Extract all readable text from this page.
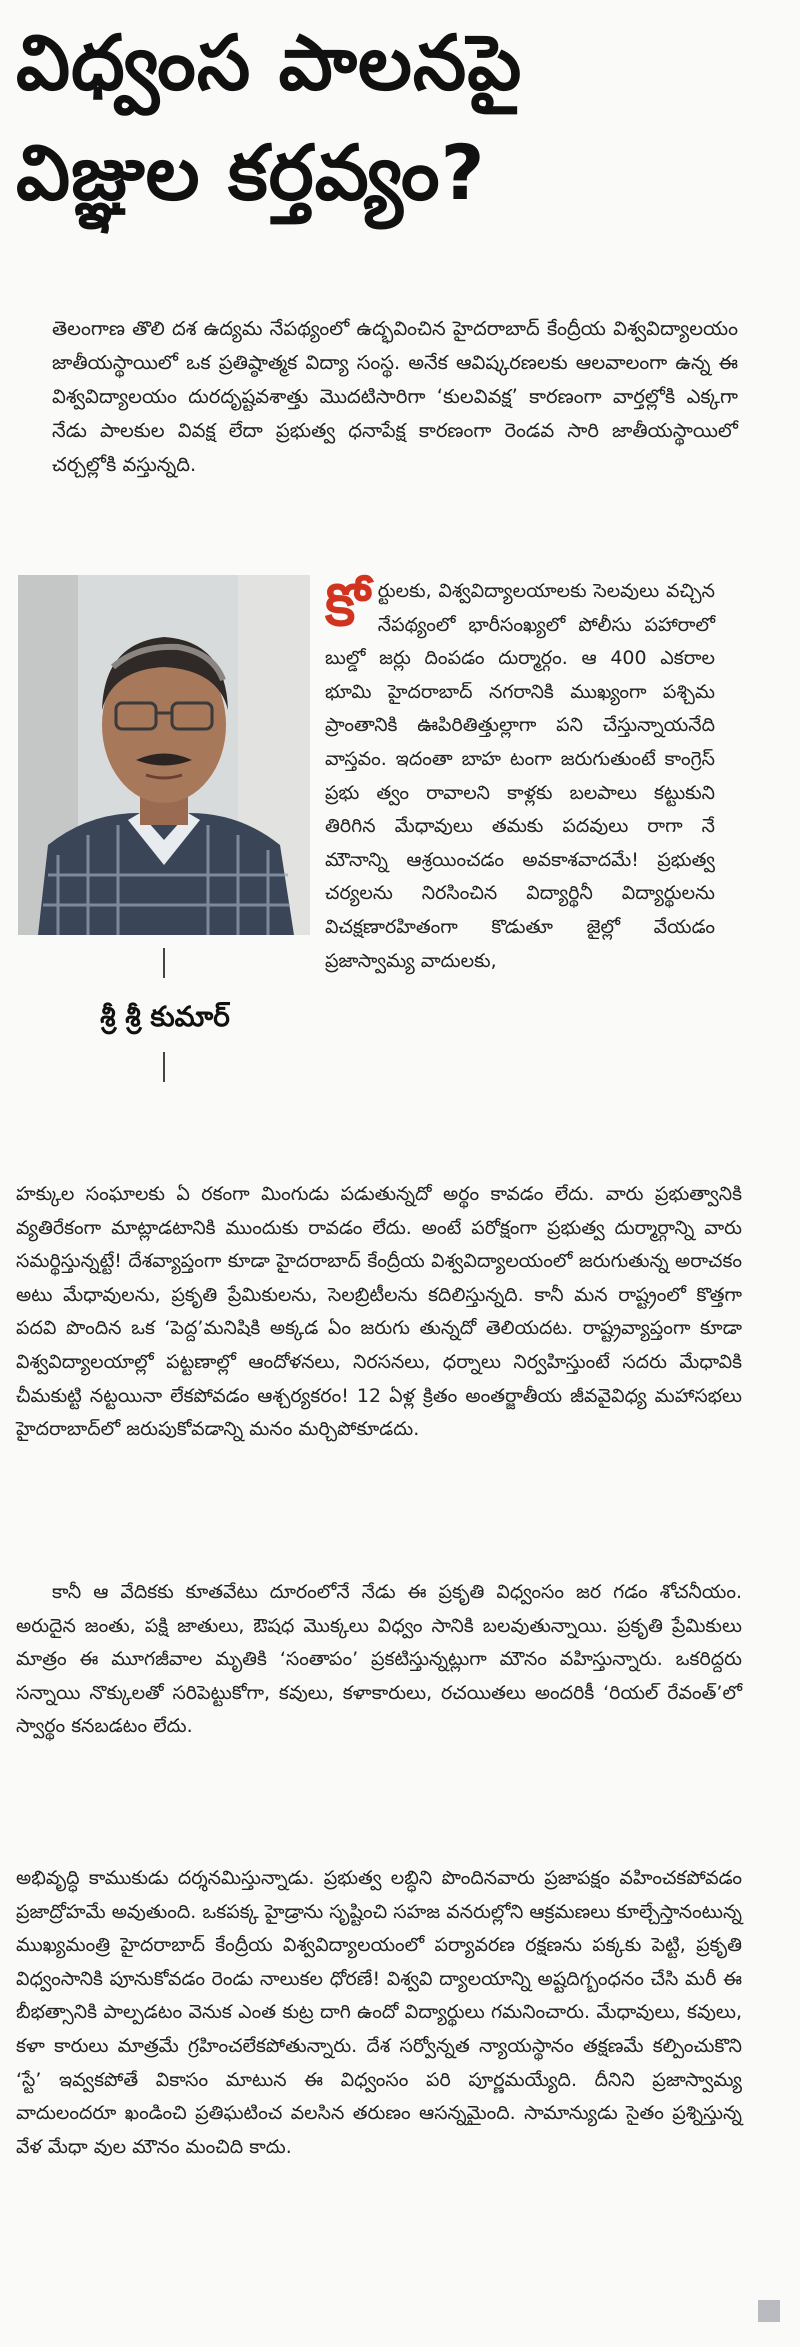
విధ్వంస పాలనపై
విజ్ఞుల కర్తవ్యం?
తెలంగాణ తొలి దశ ఉద్యమ నేపథ్యంలో ఉద్భవించిన హైదరాబాద్ కేంద్రీయ విశ్వవిద్యాలయం జాతీయస్థాయిలో ఒక ప్రతిష్ఠాత్మక విద్యా సంస్థ. అనేక ఆవిష్కరణలకు ఆలవాలంగా ఉన్న ఈ విశ్వవిద్యాలయం దురదృష్టవశాత్తు మొదటిసారిగా ‘కులవివక్ష’ కారణంగా వార్తల్లోకి ఎక్కగా నేడు పాలకుల వివక్ష లేదా ప్రభుత్వ ధనాపేక్ష కారణంగా రెండవ సారి జాతీయస్థాయిలో చర్చల్లోకి వస్తున్నది.
శ్రీ శ్రీ కుమార్
కోర్టులకు, విశ్వవిద్యాలయాలకు సెలవులు వచ్చిన నేపథ్యంలో భారీసంఖ్యలో పోలీసు పహారాలో బుల్డో జర్లు దింపడం దుర్మార్గం. ఆ 400 ఎకరాల భూమి హైదరాబాద్ నగరానికి ముఖ్యంగా పశ్చిమ ప్రాంతానికి ఊపిరితిత్తుల్లాగా పని చేస్తున్నాయనేది వాస్తవం. ఇదంతా బాహ టంగా జరుగుతుంటే కాంగ్రెస్ ప్రభు త్వం రావాలని కాళ్లకు బలపాలు కట్టుకుని తిరిగిన మేధావులు తమకు పదవులు రాగా నే మౌనాన్ని ఆశ్రయించడం అవకాశవాదమే! ప్రభుత్వ చర్యలను నిరసించిన విద్యార్థినీ విద్యార్థులను విచక్షణారహితంగా కొడుతూ జైల్లో వేయడం ప్రజాస్వామ్య వాదులకు,
హక్కుల సంఘాలకు ఏ రకంగా మింగుడు పడుతున్నదో అర్థం కావడం లేదు. వారు ప్రభుత్వానికి వ్యతిరేకంగా మాట్లాడటానికి ముందుకు రావడం లేదు. అంటే పరోక్షంగా ప్రభుత్వ దుర్మార్గాన్ని వారు సమర్థిస్తున్నట్టే! దేశవ్యాప్తంగా కూడా హైదరాబాద్ కేంద్రీయ విశ్వవిద్యాలయంలో జరుగుతున్న అరాచకం అటు మేధావులను, ప్రకృతి ప్రేమికులను, సెలబ్రిటీలను కదిలిస్తున్నది. కానీ మన రాష్ట్రంలో కొత్తగా పదవి పొందిన ఒక ‘పెద్ద’మనిషికి అక్కడ ఏం జరుగు తున్నదో తెలియదట. రాష్ట్రవ్యాప్తంగా కూడా విశ్వవిద్యాలయాల్లో పట్టణాల్లో ఆందోళనలు, నిరసనలు, ధర్నాలు నిర్వహిస్తుంటే సదరు మేధావికి చీమకుట్టి నట్టయినా లేకపోవడం ఆశ్చర్యకరం! 12 ఏళ్ల క్రితం అంతర్జాతీయ జీవవైవిధ్య మహాసభలు హైదరాబాద్‌లో జరుపుకోవడాన్ని మనం మర్చిపోకూడదు.
కానీ ఆ వేదికకు కూతవేటు దూరంలోనే నేడు ఈ ప్రకృతి విధ్వంసం జర గడం శోచనీయం. అరుదైన జంతు, పక్షి జాతులు, ఔషధ మొక్కలు విధ్వం సానికి బలవుతున్నాయి. ప్రకృతి ప్రేమికులు మాత్రం ఈ మూగజీవాల మృతికి ‘సంతాపం’ ప్రకటిస్తున్నట్లుగా మౌనం వహిస్తున్నారు. ఒకరిద్దరు సన్నాయి నొక్కులతో సరిపెట్టుకోగా, కవులు, కళాకారులు, రచయితలు అందరికీ ‘రియల్ రేవంత్’లో స్వార్థం కనబడటం లేదు.
అభివృద్ధి కాముకుడు దర్శనమిస్తున్నాడు. ప్రభుత్వ లబ్ధిని పొందినవారు ప్రజాపక్షం వహించకపోవడం ప్రజాద్రోహమే అవుతుంది. ఒకపక్క హైడ్రాను సృష్టించి సహజ వనరుల్లోని ఆక్రమణలు కూల్చేస్తానంటున్న ముఖ్యమంత్రి హైదరాబాద్ కేంద్రీయ విశ్వవిద్యాలయంలో పర్యావరణ రక్షణను పక్కకు పెట్టి, ప్రకృతి విధ్వంసానికి పూనుకోవడం రెండు నాలుకల ధోరణే! విశ్వవి ద్యాలయాన్ని అష్టదిగ్బంధనం చేసి మరీ ఈ బీభత్సానికి పాల్పడటం వెనుక ఎంత కుట్ర దాగి ఉందో విద్యార్థులు గమనించారు. మేధావులు, కవులు, కళా కారులు మాత్రమే గ్రహించలేకపోతున్నారు. దేశ సర్వోన్నత న్యాయస్థానం తక్షణమే కల్పించుకొని ‘స్టే’ ఇవ్వకపోతే వికాసం మాటున ఈ విధ్వంసం పరి పూర్ణమయ్యేది. దీనిని ప్రజాస్వామ్య వాదులందరూ ఖండించి ప్రతిఘటించ వలసిన తరుణం ఆసన్నమైంది. సామాన్యుడు సైతం ప్రశ్నిస్తున్న వేళ మేధా వుల మౌనం మంచిది కాదు.
